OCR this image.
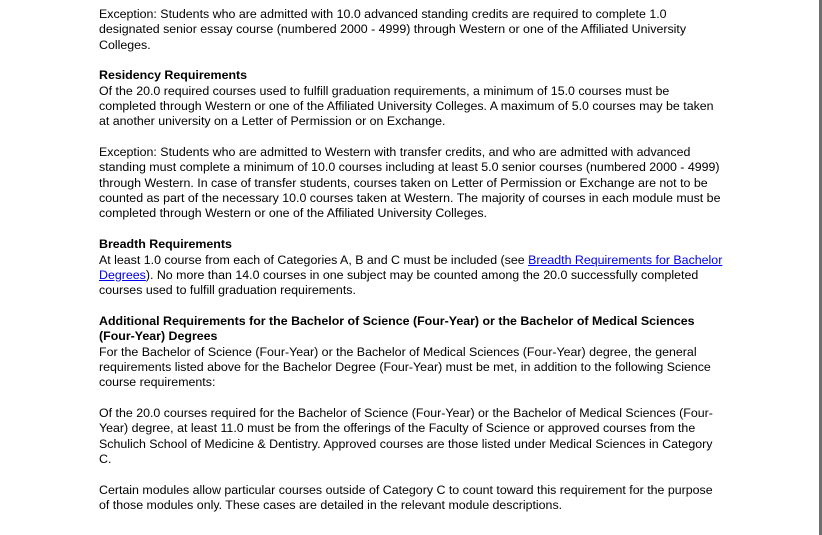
Exception: Students who are admitted with 10.0 advanced standing credits are required to complete 1.0 designated senior essay course (numbered 2000 - 4999) through Western or one of the Affiliated University Colleges.

Residency Requirements

Of the 20.0 required courses used to fulfill graduation requirements, a minimum of 15.0 courses must be completed through Western or one of the Affiliated University Colleges. A maximum of 5.0 courses may be taken at another university on a Letter of Permission or on Exchange.

Exception: Students who are admitted to Western with transfer credits, and who are admitted with advanced standing must complete a minimum of 10.0 courses including at least 5.0 senior courses (numbered 2000 - 4999) through Western. In case of transfer students, courses taken on Letter of Permission or Exchange are not to be counted as part of the necessary 10.0 courses taken at Western. The majority of courses in each module must be completed through Western or one of the Affiliated University Colleges.

Breadth Requirements

At least 1.0 course from each of Categories A, B and C must be included (see Breadth Requirements for Bachelor Degrees). No more than 14.0 courses in one subject may be counted among the 20.0 successfully completed courses used to fulfill graduation requirements.

Additional Requirements for the Bachelor of Science (Four-Year) or the Bachelor of Medical Sciences (Four-Year) Degrees

For the Bachelor of Science (Four-Year) or the Bachelor of Medical Sciences (Four-Year) degree, the general requirements listed above for the Bachelor Degree (Four-Year) must be met, in addition to the following Science course requirements:

Of the 20.0 courses required for the Bachelor of Science (Four-Year) or the Bachelor of Medical Sciences (Four-Year) degree, at least 11.0 must be from the offerings of the Faculty of Science or approved courses from the Schulich School of Medicine & Dentistry. Approved courses are those listed under Medical Sciences in Category C.

Certain modules allow particular courses outside of Category C to count toward this requirement for the purpose of those modules only. These cases are detailed in the relevant module descriptions.
